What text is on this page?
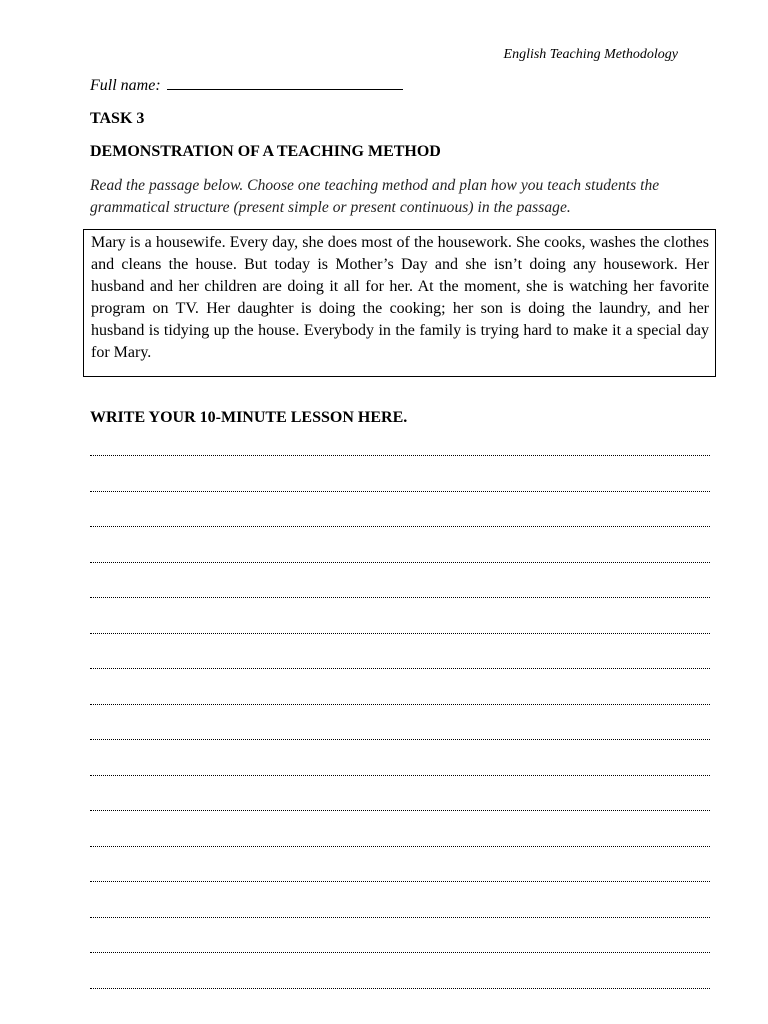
English Teaching Methodology
Full name:
TASK 3
DEMONSTRATION OF A TEACHING METHOD
Read the passage below. Choose one teaching method and plan how you teach students the grammatical structure (present simple or present continuous) in the passage.
Mary is a housewife. Every day, she does most of the housework. She cooks, washes the clothes and cleans the house. But today is Mother’s Day and she isn’t doing any housework. Her husband and her children are doing it all for her. At the moment, she is watching her favorite program on TV. Her daughter is doing the cooking; her son is doing the laundry, and her husband is tidying up the house. Everybody in the family is trying hard to make it a special day for Mary.
WRITE YOUR 10-MINUTE LESSON HERE.
